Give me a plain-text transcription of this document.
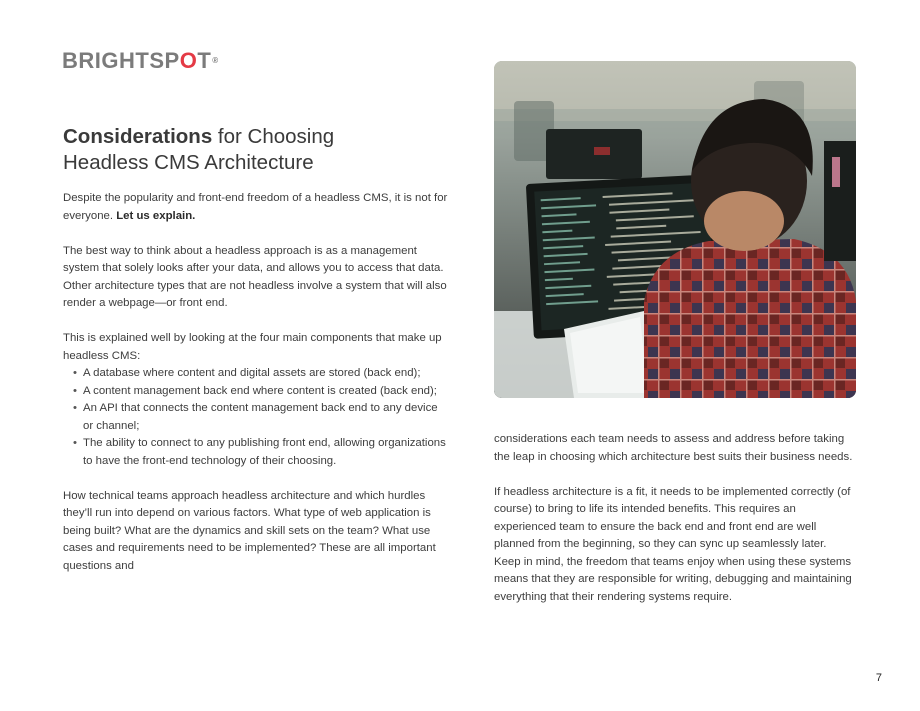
BRIGHTSPOT®
Considerations for Choosing
Headless CMS Architecture

Despite the popularity and front-end freedom of a headless CMS, it is not for everyone. Let us explain.

The best way to think about a headless approach is as a management system that solely looks after your data, and allows you to access that data. Other architecture types that are not headless involve a system that will also render a webpage—or front end.

This is explained well by looking at the four main components that make up headless CMS:
• A database where content and digital assets are stored (back end);
• A content management back end where content is created (back end);
• An API that connects the content management back end to any device or channel;
• The ability to connect to any publishing front end, allowing organizations to have the front-end technology of their choosing.

How technical teams approach headless architecture and which hurdles they’ll run into depend on various factors. What type of web application is being built? What are the dynamics and skill sets on the team? What use cases and requirements need to be implemented? These are all important questions and

considerations each team needs to assess and address before taking the leap in choosing which architecture best suits their business needs.

If headless architecture is a fit, it needs to be implemented correctly (of course) to bring to life its intended benefits. This requires an experienced team to ensure the back end and front end are well planned from the beginning, so they can sync up seamlessly later. Keep in mind, the freedom that teams enjoy when using these systems means that they are responsible for writing, debugging and maintaining everything that their rendering systems require.

7
